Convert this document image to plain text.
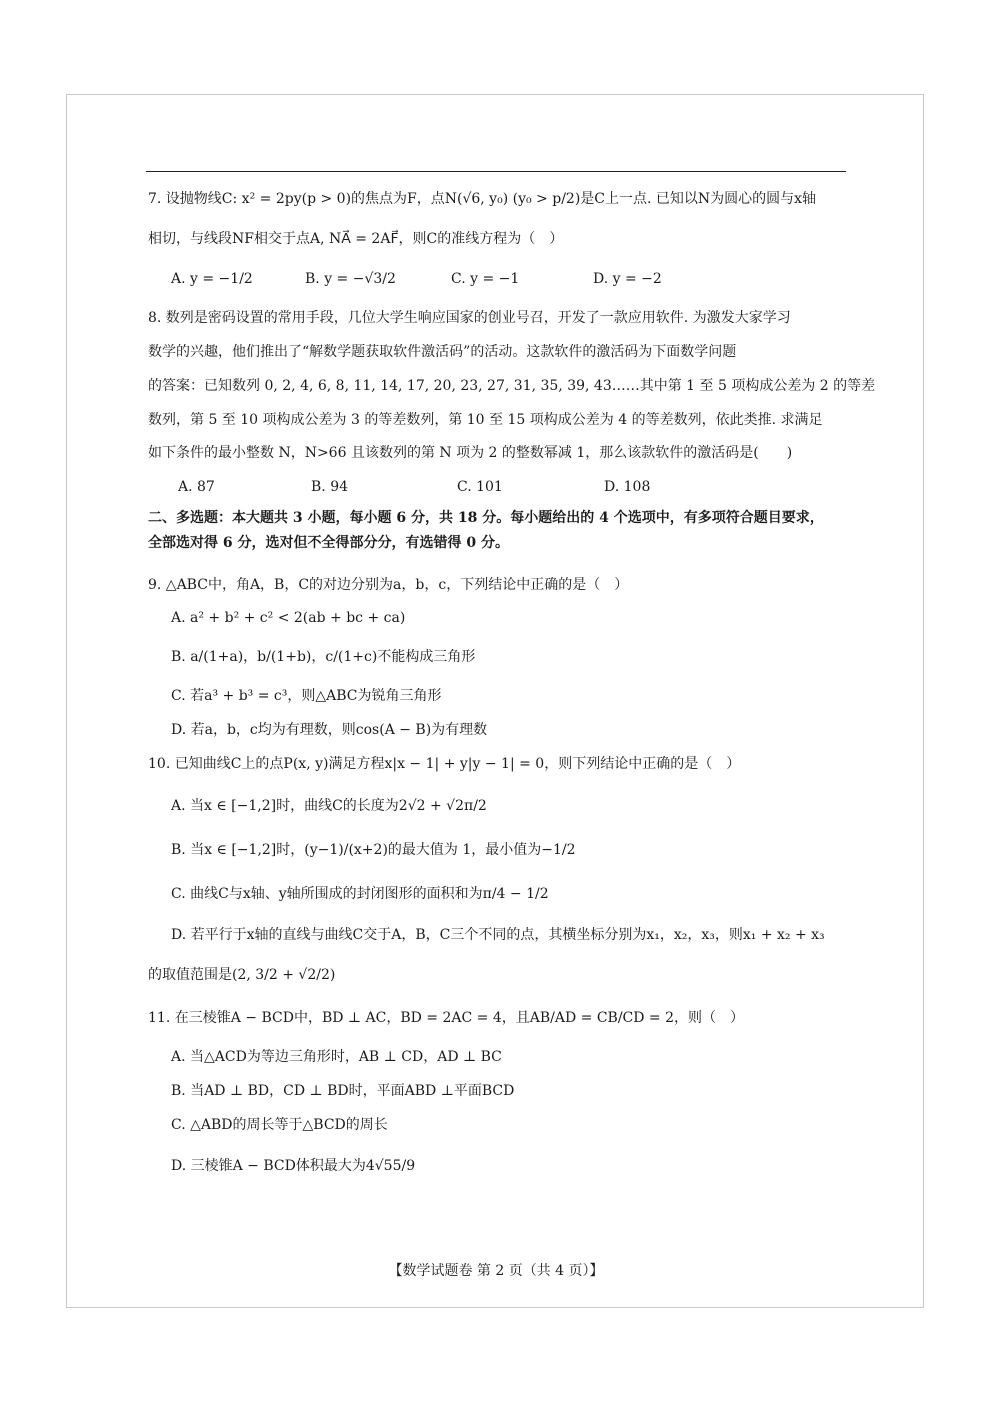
7. 设抛物线C: x² = 2py(p > 0)的焦点为F，点N(√6, y₀) (y₀ > p/2)是C上一点. 已知以N为圆心的圆与x轴
相切，与线段NF相交于点A, NA⃗ = 2AF⃗，则C的准线方程为（　）
A. y = −1/2	B. y = −√3/2	C. y = −1	D. y = −2
8. 数列是密码设置的常用手段，几位大学生响应国家的创业号召，开发了一款应用软件. 为激发大家学习
数学的兴趣，他们推出了“解数学题获取软件激活码”的活动。这款软件的激活码为下面数学问题
的答案：已知数列 0, 2, 4, 6, 8, 11, 14, 17, 20, 23, 27, 31, 35, 39, 43……其中第 1 至 5 项构成公差为 2 的等差
数列，第 5 至 10 项构成公差为 3 的等差数列，第 10 至 15 项构成公差为 4 的等差数列，依此类推. 求满足
如下条件的最小整数 N，N>66 且该数列的第 N 项为 2 的整数幂减 1，那么该款软件的激活码是(　　)
A. 87	B. 94	C. 101	D. 108
二、多选题：本大题共 3 小题，每小题 6 分，共 18 分。每小题给出的 4 个选项中，有多项符合题目要求，
全部选对得 6 分，选对但不全得部分分，有选错得 0 分。
9. △ABC中，角A，B，C的对边分别为a，b，c，下列结论中正确的是（　）
A. a² + b² + c² < 2(ab + bc + ca)
B. a/(1+a)，b/(1+b)，c/(1+c)不能构成三角形
C. 若a³ + b³ = c³，则△ABC为锐角三角形
D. 若a，b，c均为有理数，则cos(A − B)为有理数
10. 已知曲线C上的点P(x, y)满足方程x|x − 1| + y|y − 1| = 0，则下列结论中正确的是（　）
A. 当x ∈ [−1,2]时，曲线C的长度为2√2 + √2π/2
B. 当x ∈ [−1,2]时，(y−1)/(x+2)的最大值为 1，最小值为−1/2
C. 曲线C与x轴、y轴所围成的封闭图形的面积和为π/4 − 1/2
D. 若平行于x轴的直线与曲线C交于A，B，C三个不同的点，其横坐标分别为x₁，x₂，x₃，则x₁ + x₂ + x₃
的取值范围是(2, 3/2 + √2/2)
11. 在三棱锥A − BCD中，BD ⊥ AC，BD = 2AC = 4，且AB/AD = CB/CD = 2，则（　）
A. 当△ACD为等边三角形时，AB ⊥ CD，AD ⊥ BC
B. 当AD ⊥ BD，CD ⊥ BD时，平面ABD ⊥平面BCD
C. △ABD的周长等于△BCD的周长
D. 三棱锥A − BCD体积最大为4√55/9
【数学试题卷 第 2 页（共 4 页）】
